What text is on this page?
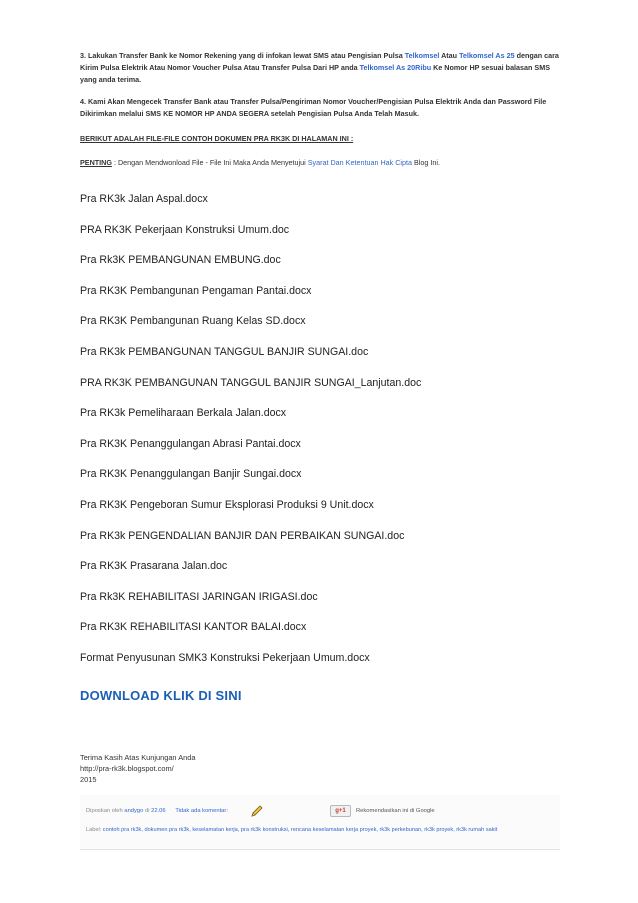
3. Lakukan Transfer Bank ke Nomor Rekening yang di infokan lewat SMS atau Pengisian Pulsa Telkomsel Atau Telkomsel As 25 dengan cara Kirim Pulsa Elektrik Atau Nomor Voucher Pulsa Atau Transfer Pulsa Dari HP anda Telkomsel As 20Ribu Ke Nomor HP sesuai balasan SMS yang anda terima.
4. Kami Akan Mengecek Transfer Bank atau Transfer Pulsa/Pengiriman Nomor Voucher/Pengisian Pulsa Elektrik Anda dan Password File Dikirimkan melalui SMS KE NOMOR HP ANDA SEGERA setelah Pengisian Pulsa Anda Telah Masuk.
BERIKUT ADALAH FILE-FILE CONTOH DOKUMEN PRA RK3K DI HALAMAN INI :
PENTING : Dengan Mendwonload File - File Ini Maka Anda Menyetujui Syarat Dan Ketentuan Hak Cipta Blog Ini.
Pra RK3k Jalan Aspal.docx
PRA RK3K Pekerjaan Konstruksi Umum.doc
Pra Rk3K PEMBANGUNAN EMBUNG.doc
Pra RK3K Pembangunan Pengaman Pantai.docx
Pra RK3K Pembangunan Ruang Kelas SD.docx
Pra RK3k PEMBANGUNAN TANGGUL BANJIR SUNGAI.doc
PRA RK3K PEMBANGUNAN TANGGUL BANJIR SUNGAI_Lanjutan.doc
Pra RK3k Pemeliharaan Berkala Jalan.docx
Pra RK3K Penanggulangan Abrasi Pantai.docx
Pra RK3K Penanggulangan Banjir Sungai.docx
Pra RK3K Pengeboran Sumur Eksplorasi Produksi 9 Unit.docx
Pra RK3k PENGENDALIAN BANJIR DAN PERBAIKAN SUNGAI.doc
Pra RK3K Prasarana Jalan.doc
Pra Rk3K REHABILITASI JARINGAN IRIGASI.doc
Pra RK3K REHABILITASI KANTOR BALAI.docx
Format Penyusunan SMK3 Konstruksi Pekerjaan Umum.docx
DOWNLOAD KLIK DI SINI
Terima Kasih Atas Kunjungan Anda
http://pra-rk3k.blogspot.com/
2015
Diposkan oleh andygo di 22.06 Tidak ada komentar:	g+1	Rekomendasikan ini di Google
Label: contoh pra rk3k, dokumen pra rk3k, keselamatan kerja, pra rk3k konstruksi, rencana keselamatan kerja proyek, rk3k perkebunan, rk3k proyek, rk3k rumah sakit
